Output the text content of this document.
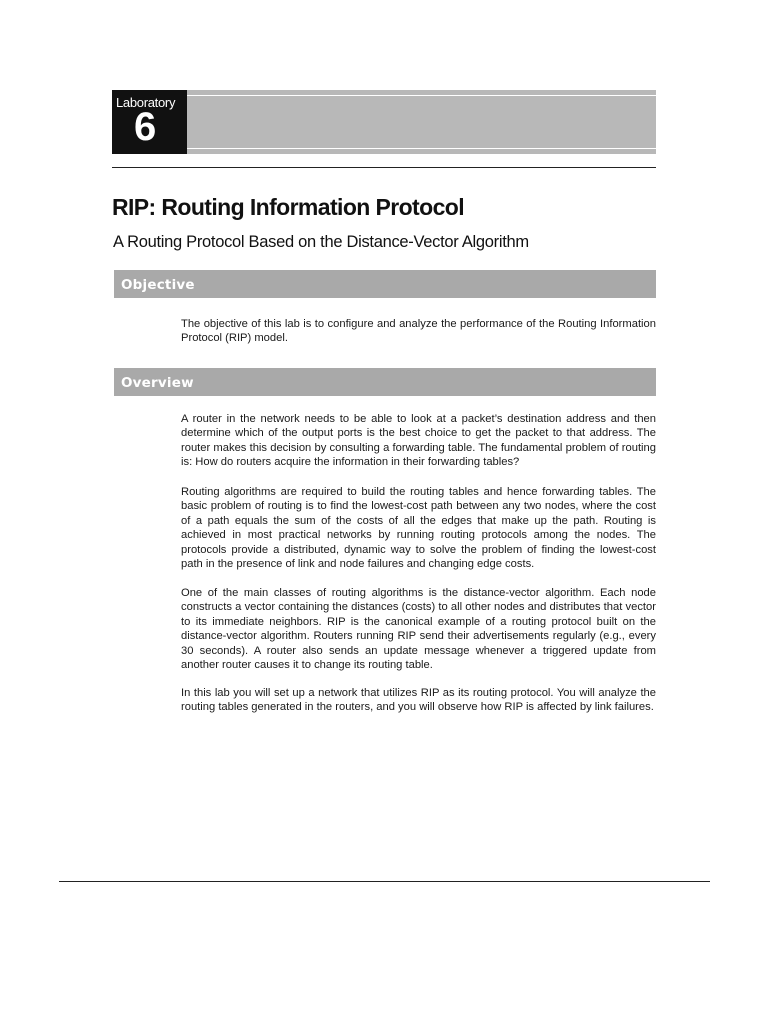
Laboratory
6
RIP: Routing Information Protocol
A Routing Protocol Based on the Distance-Vector Algorithm
Objective

The objective of this lab is to configure and analyze the performance of the Routing Information Protocol (RIP) model.

Overview

A router in the network needs to be able to look at a packet’s destination address and then determine which of the output ports is the best choice to get the packet to that address. The router makes this decision by consulting a forwarding table. The fundamental problem of routing is: How do routers acquire the information in their forwarding tables?

Routing algorithms are required to build the routing tables and hence forwarding tables. The basic problem of routing is to find the lowest-cost path between any two nodes, where the cost of a path equals the sum of the costs of all the edges that make up the path. Routing is achieved in most practical networks by running routing protocols among the nodes. The protocols provide a distributed, dynamic way to solve the problem of finding the lowest-cost path in the presence of link and node failures and changing edge costs.

One of the main classes of routing algorithms is the distance-vector algorithm. Each node constructs a vector containing the distances (costs) to all other nodes and distributes that vector to its immediate neighbors. RIP is the canonical example of a routing protocol built on the distance-vector algorithm. Routers running RIP send their advertisements regularly (e.g., every 30 seconds). A router also sends an update message whenever a triggered update from another router causes it to change its routing table.

In this lab you will set up a network that utilizes RIP as its routing protocol. You will analyze the routing tables generated in the routers, and you will observe how RIP is affected by link failures.
